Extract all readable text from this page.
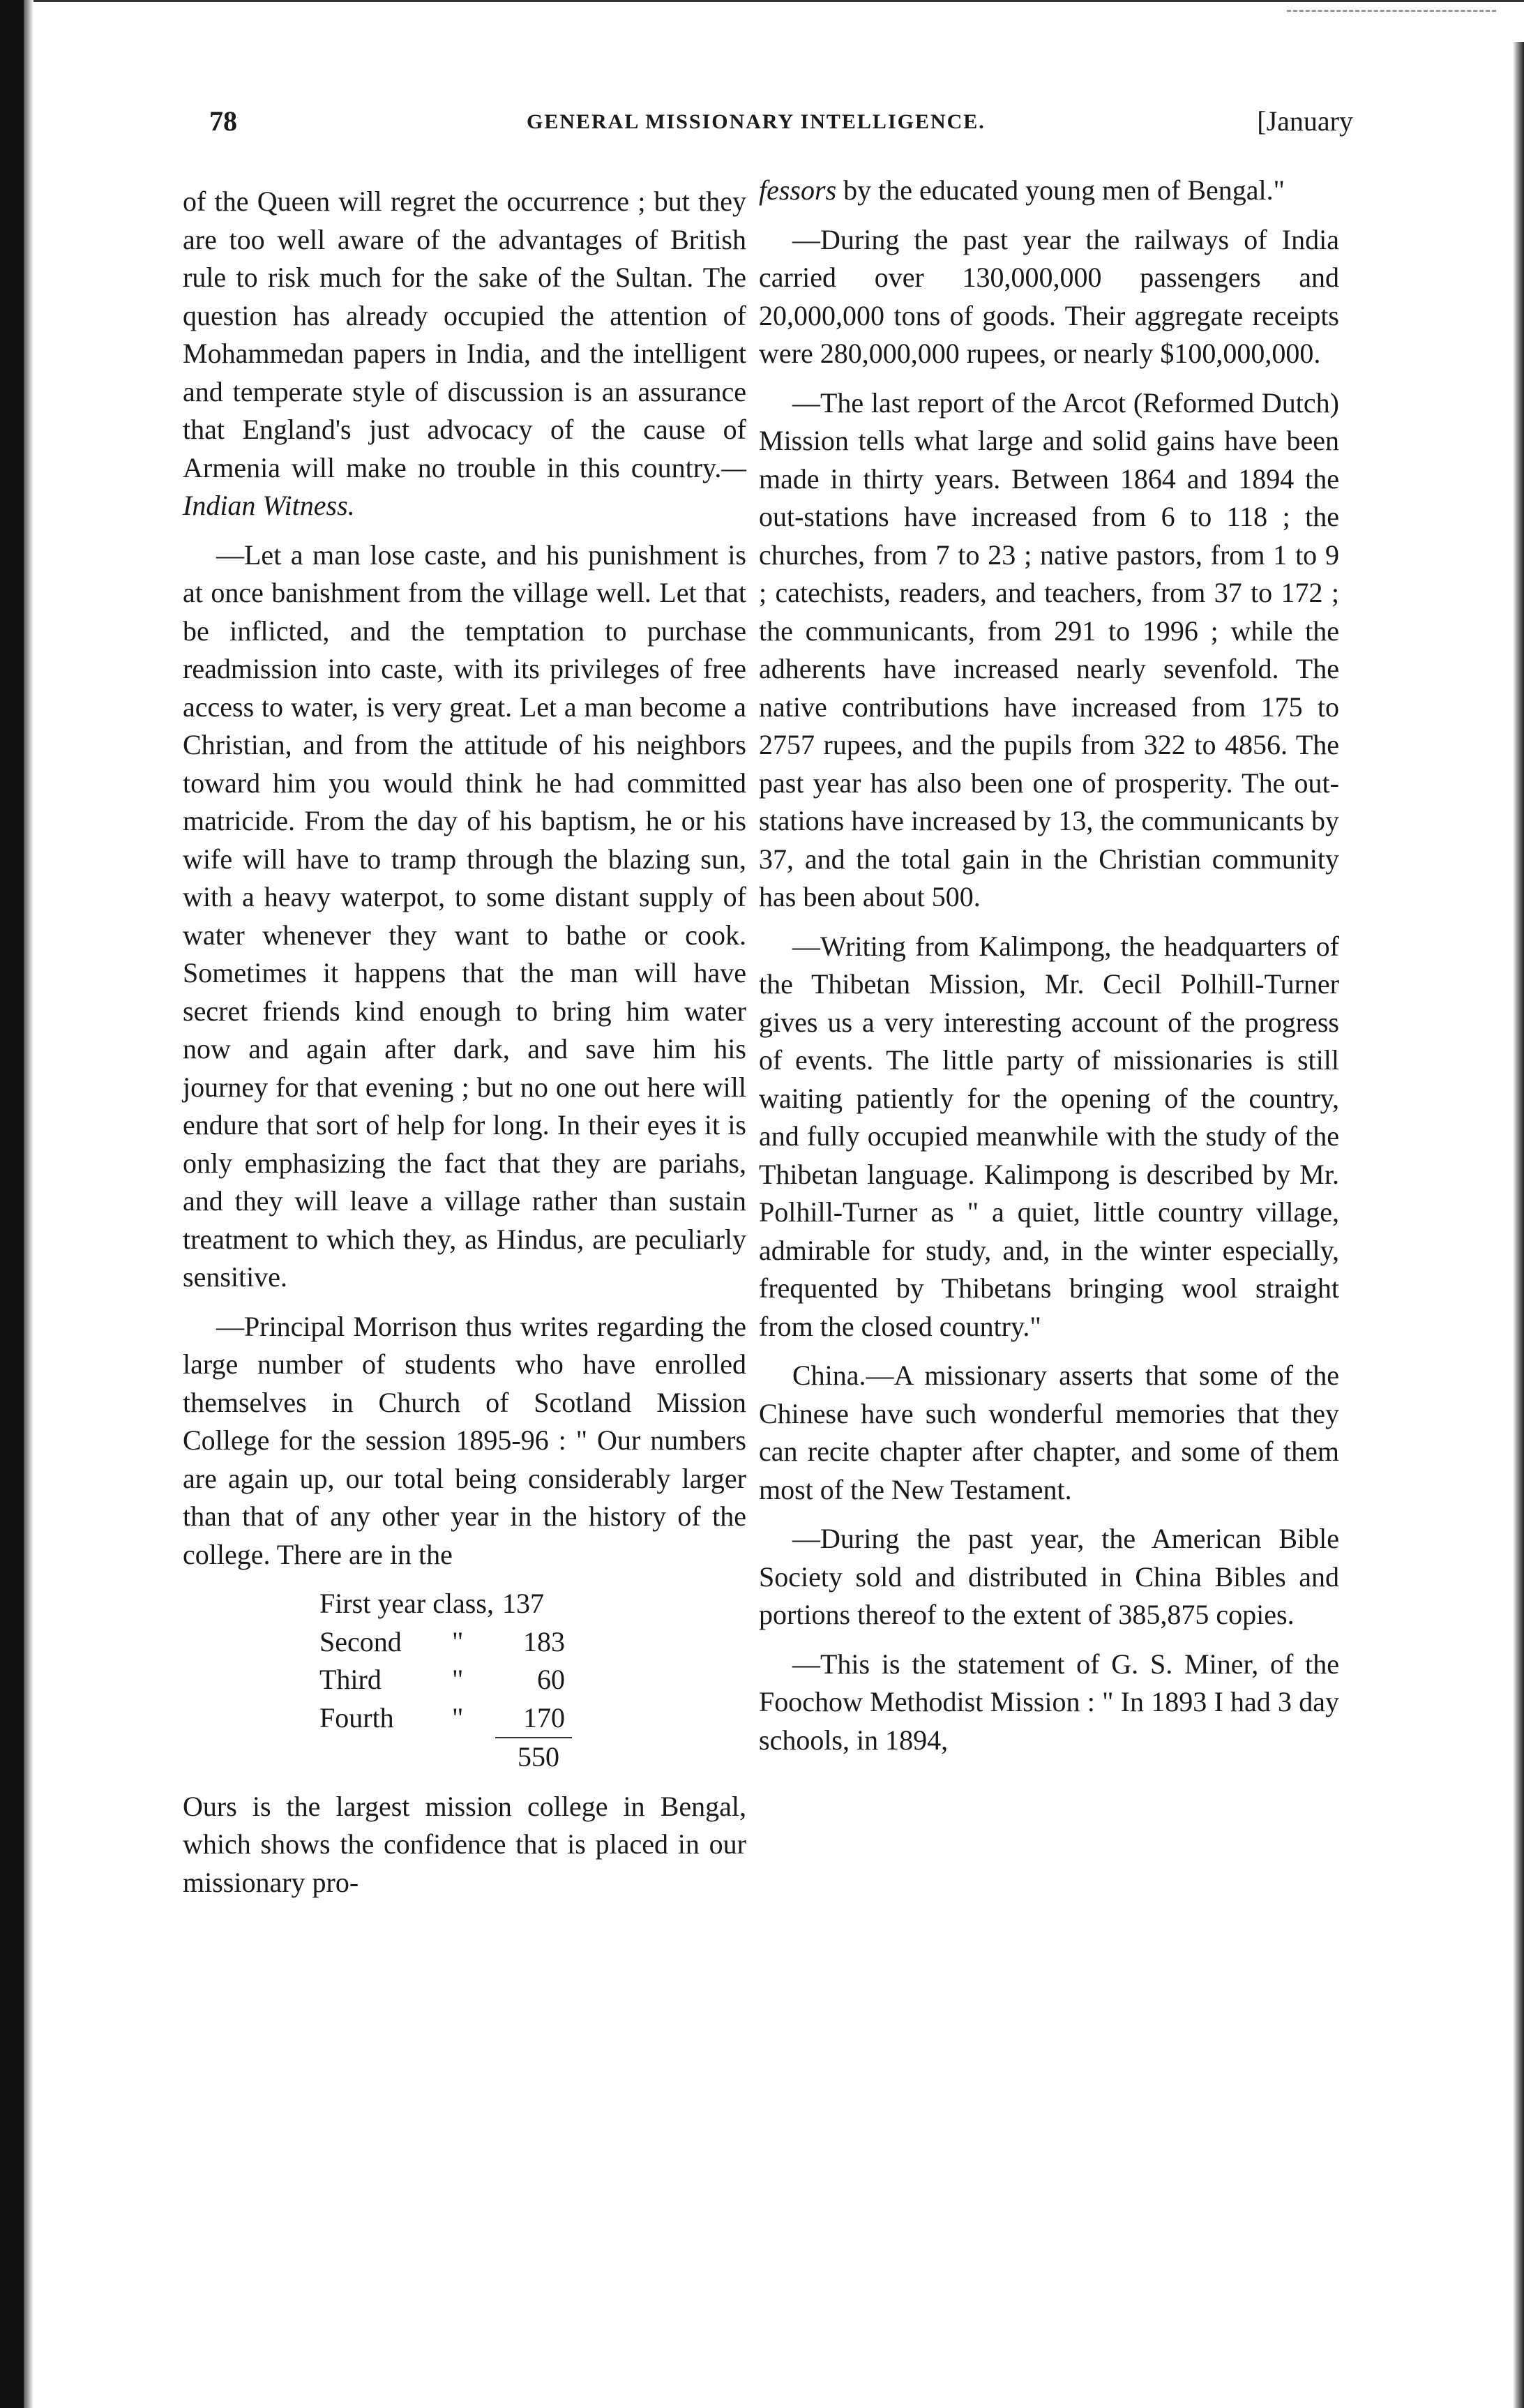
78	GENERAL MISSIONARY INTELLIGENCE.	[January

of the Queen will regret the occurrence ; but they are too well aware of the advantages of British rule to risk much for the sake of the Sultan. The question has already occupied the attention of Mohammedan papers in India, and the intelligent and temperate style of discussion is an assurance that England's just advocacy of the cause of Armenia will make no trouble in this country.—Indian Witness.

—Let a man lose caste, and his punishment is at once banishment from the village well. Let that be inflicted, and the temptation to purchase readmission into caste, with its privileges of free access to water, is very great. Let a man become a Christian, and from the attitude of his neighbors toward him you would think he had committed matricide. From the day of his baptism, he or his wife will have to tramp through the blazing sun, with a heavy waterpot, to some distant supply of water whenever they want to bathe or cook. Sometimes it happens that the man will have secret friends kind enough to bring him water now and again after dark, and save him his journey for that evening ; but no one out here will endure that sort of help for long. In their eyes it is only emphasizing the fact that they are pariahs, and they will leave a village rather than sustain treatment to which they, as Hindus, are peculiarly sensitive.

—Principal Morrison thus writes regarding the large number of students who have enrolled themselves in Church of Scotland Mission College for the session 1895-96 : " Our numbers are again up, our total being considerably larger than that of any other year in the history of the college. There are in the

First year class, 137
Second	"	183
Third	"	60
Fourth	"	170
550

Ours is the largest mission college in Bengal, which shows the confidence that is placed in our missionary pro-

fessors by the educated young men of Bengal."

—During the past year the railways of India carried over 130,000,000 passengers and 20,000,000 tons of goods. Their aggregate receipts were 280,000,000 rupees, or nearly $100,000,000.

—The last report of the Arcot (Reformed Dutch) Mission tells what large and solid gains have been made in thirty years. Between 1864 and 1894 the out-stations have increased from 6 to 118 ; the churches, from 7 to 23 ; native pastors, from 1 to 9 ; catechists, readers, and teachers, from 37 to 172 ; the communicants, from 291 to 1996 ; while the adherents have increased nearly sevenfold. The native contributions have increased from 175 to 2757 rupees, and the pupils from 322 to 4856. The past year has also been one of prosperity. The out-stations have increased by 13, the communicants by 37, and the total gain in the Christian community has been about 500.

—Writing from Kalimpong, the headquarters of the Thibetan Mission, Mr. Cecil Polhill-Turner gives us a very interesting account of the progress of events. The little party of missionaries is still waiting patiently for the opening of the country, and fully occupied meanwhile with the study of the Thibetan language. Kalimpong is described by Mr. Polhill-Turner as " a quiet, little country village, admirable for study, and, in the winter especially, frequented by Thibetans bringing wool straight from the closed country."

China.—A missionary asserts that some of the Chinese have such wonderful memories that they can recite chapter after chapter, and some of them most of the New Testament.

—During the past year, the American Bible Society sold and distributed in China Bibles and portions thereof to the extent of 385,875 copies.

—This is the statement of G. S. Miner, of the Foochow Methodist Mission : " In 1893 I had 3 day schools, in 1894,
